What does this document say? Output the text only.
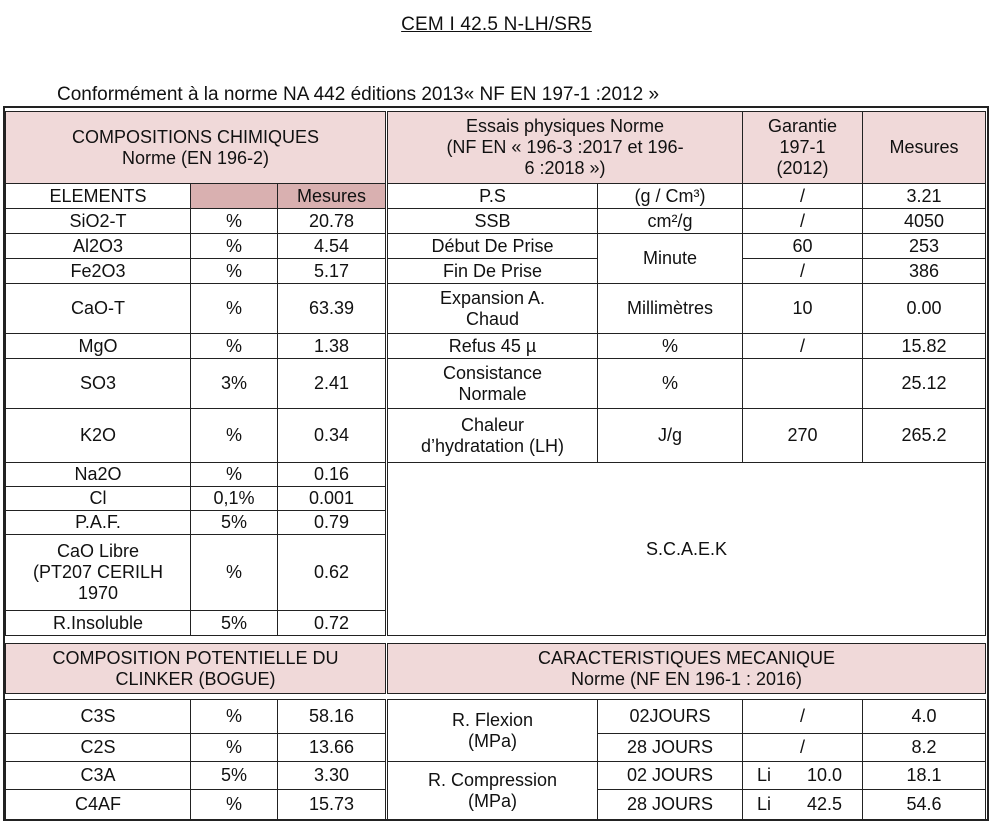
CEM I 42.5 N-LH/SR5
Conformément à la norme NA 442 éditions 2013« NF EN 197-1 :2012 »
COMPOSITIONS CHIMIQUES
Norme (EN 196-2)		
ELEMENTS		Mesures
SiO2-T	%	20.78
Al2O3	%	4.54
Fe2O3	%	5.17
CaO-T	%	63.39
MgO	%	1.38
SO3	3%	2.41
K2O	%	0.34
Na2O	%	0.16
Cl	0,1%	0.001
P.A.F.	5%	0.79
CaO Libre
(PT207 CERILH
1970	%	0.62
R.Insoluble	5%	0.72
Essais physiques Norme
(NF EN « 196-3 :2017 et 196-
6 :2018 »)		Garantie
197-1
(2012)	Mesures
P.S	(g / Cm³)	/	3.21
SSB	cm²/g	/	4050
Début De Prise	Minute	60	253
Fin De Prise		/	386
Expansion A.
Chaud	Millimètres	10	0.00
Refus 45 µ	%	/	15.82
Consistance
Normale	%		25.12
Chaleur
d’hydratation (LH)	J/g	270	265.2
S.C.A.E.K			
COMPOSITION POTENTIELLE DU
CLINKER (BOGUE)		

C3S	%	58.16
C2S	%	13.66
C3A	5%	3.30
C4AF	%	15.73
CARACTERISTIQUES MECANIQUE
Norme (NF EN 196-1 : 2016)			

R. Flexion
(MPa)	02JOURS	/	4.0
	28 JOURS	/	8.2
R. Compression
(MPa)	02 JOURS	Li 10.0	18.1
	28 JOURS	Li 42.5	54.6
